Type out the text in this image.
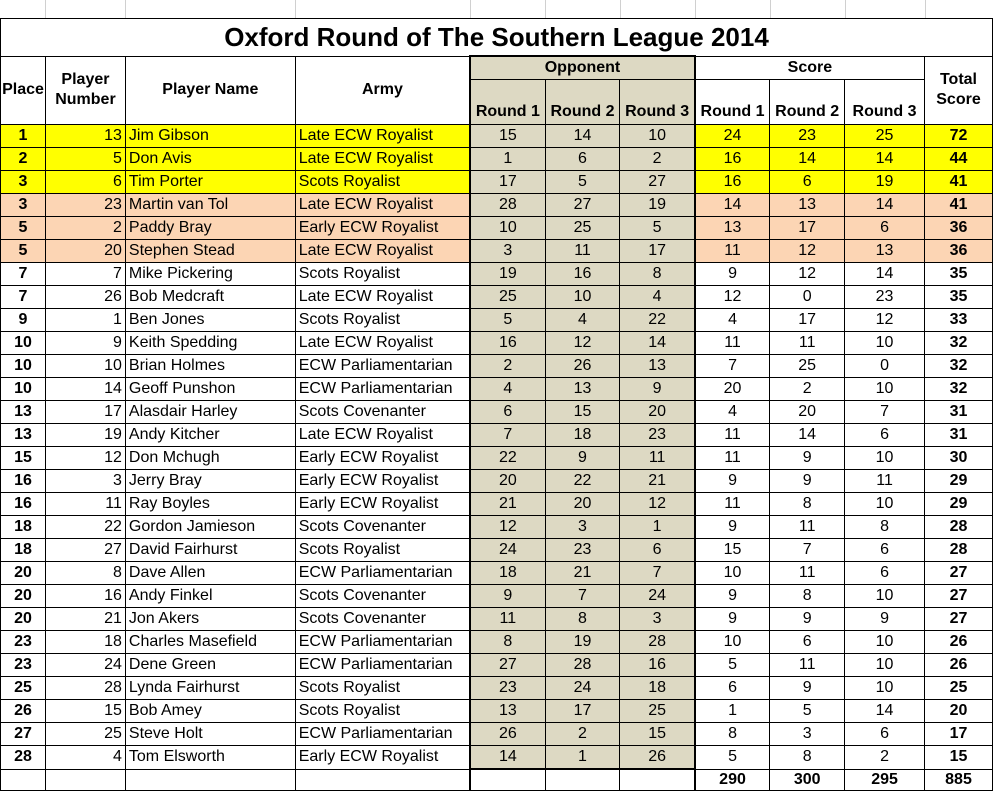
Oxford Round of The Southern League 2014										
Place	Player Number	Player Name	Army	Opponent			Score			Total Score
				Round 1	Round 2	Round 3	Round 1	Round 2	Round 3	
1	13	Jim Gibson	Late ECW Royalist	15	14	10	24	23	25	72
2	5	Don Avis	Late ECW Royalist	1	6	2	16	14	14	44
3	6	Tim Porter	Scots Royalist	17	5	27	16	6	19	41
3	23	Martin van Tol	Late ECW Royalist	28	27	19	14	13	14	41
5	2	Paddy Bray	Early ECW Royalist	10	25	5	13	17	6	36
5	20	Stephen Stead	Late ECW Royalist	3	11	17	11	12	13	36
7	7	Mike Pickering	Scots Royalist	19	16	8	9	12	14	35
7	26	Bob Medcraft	Late ECW Royalist	25	10	4	12	0	23	35
9	1	Ben Jones	Scots Royalist	5	4	22	4	17	12	33
10	9	Keith Spedding	Late ECW Royalist	16	12	14	11	11	10	32
10	10	Brian Holmes	ECW Parliamentarian	2	26	13	7	25	0	32
10	14	Geoff Punshon	ECW Parliamentarian	4	13	9	20	2	10	32
13	17	Alasdair Harley	Scots Covenanter	6	15	20	4	20	7	31
13	19	Andy Kitcher	Late ECW Royalist	7	18	23	11	14	6	31
15	12	Don Mchugh	Early ECW Royalist	22	9	11	11	9	10	30
16	3	Jerry Bray	Early ECW Royalist	20	22	21	9	9	11	29
16	11	Ray Boyles	Early ECW Royalist	21	20	12	11	8	10	29
18	22	Gordon Jamieson	Scots Covenanter	12	3	1	9	11	8	28
18	27	David Fairhurst	Scots Royalist	24	23	6	15	7	6	28
20	8	Dave Allen	ECW Parliamentarian	18	21	7	10	11	6	27
20	16	Andy Finkel	Scots Covenanter	9	7	24	9	8	10	27
20	21	Jon Akers	Scots Covenanter	11	8	3	9	9	9	27
23	18	Charles Masefield	ECW Parliamentarian	8	19	28	10	6	10	26
23	24	Dene Green	ECW Parliamentarian	27	28	16	5	11	10	26
25	28	Lynda Fairhurst	Scots Royalist	23	24	18	6	9	10	25
26	15	Bob Amey	Scots Royalist	13	17	25	1	5	14	20
27	25	Steve Holt	ECW Parliamentarian	26	2	15	8	3	6	17
28	4	Tom Elsworth	Early ECW Royalist	14	1	26	5	8	2	15
							290	300	295	885
